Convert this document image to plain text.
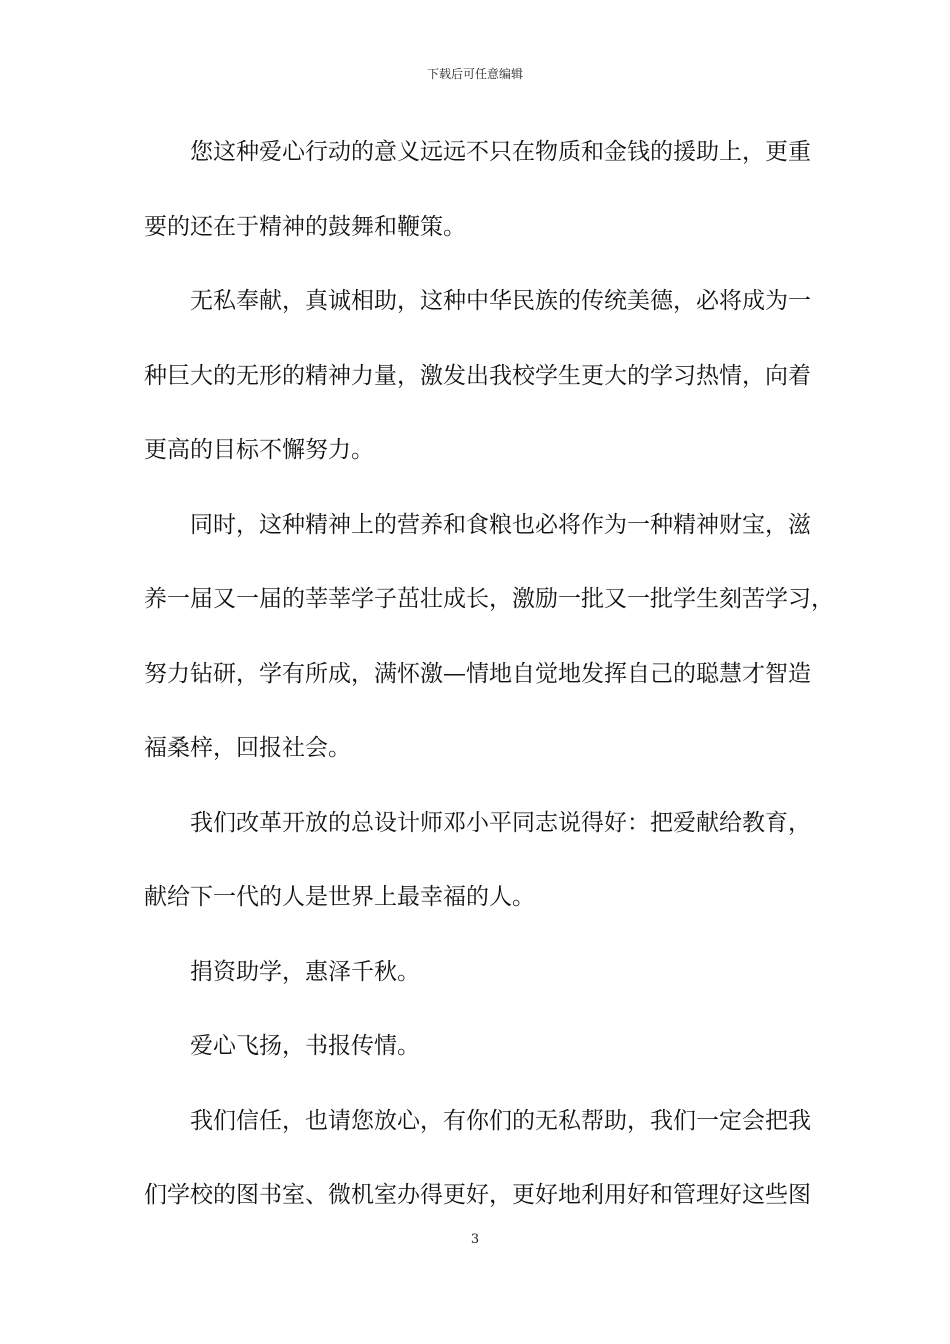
下载后可任意编辑
您这种爱心行动的意义远远不只在物质和金钱的援助上，更重
要的还在于精神的鼓舞和鞭策。
无私奉献，真诚相助，这种中华民族的传统美德，必将成为一
种巨大的无形的精神力量，激发出我校学生更大的学习热情，向着
更高的目标不懈努力。
同时，这种精神上的营养和食粮也必将作为一种精神财宝，滋
养一届又一届的莘莘学子茁壮成长，激励一批又一批学生刻苦学习，
努力钻研，学有所成，满怀激—情地自觉地发挥自己的聪慧才智造
福桑梓，回报社会。
我们改革开放的总设计师邓小平同志说得好：把爱献给教育，
献给下一代的人是世界上最幸福的人。
捐资助学，惠泽千秋。
爱心飞扬，书报传情。
我们信任，也请您放心，有你们的无私帮助，我们一定会把我
们学校的图书室、微机室办得更好，更好地利用好和管理好这些图
3
